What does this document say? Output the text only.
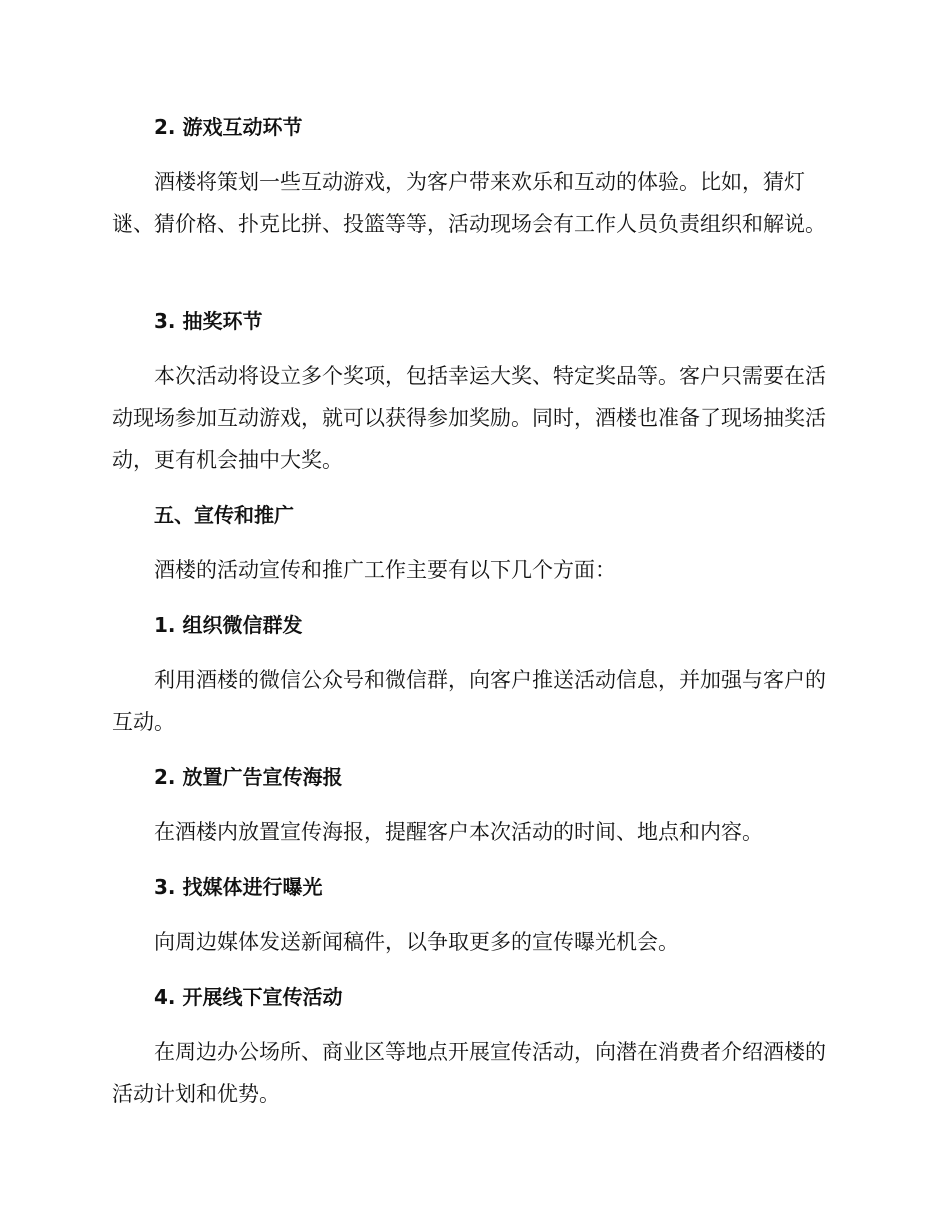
2. 游戏互动环节

酒楼将策划一些互动游戏，为客户带来欢乐和互动的体验。比如，猜灯谜、猜价格、扑克比拼、投篮等等，活动现场会有工作人员负责组织和解说。

3. 抽奖环节

本次活动将设立多个奖项，包括幸运大奖、特定奖品等。客户只需要在活动现场参加互动游戏，就可以获得参加奖励。同时，酒楼也准备了现场抽奖活动，更有机会抽中大奖。

五、宣传和推广

酒楼的活动宣传和推广工作主要有以下几个方面：

1. 组织微信群发

利用酒楼的微信公众号和微信群，向客户推送活动信息，并加强与客户的互动。

2. 放置广告宣传海报

在酒楼内放置宣传海报，提醒客户本次活动的时间、地点和内容。

3. 找媒体进行曝光

向周边媒体发送新闻稿件，以争取更多的宣传曝光机会。

4. 开展线下宣传活动

在周边办公场所、商业区等地点开展宣传活动，向潜在消费者介绍酒楼的活动计划和优势。
